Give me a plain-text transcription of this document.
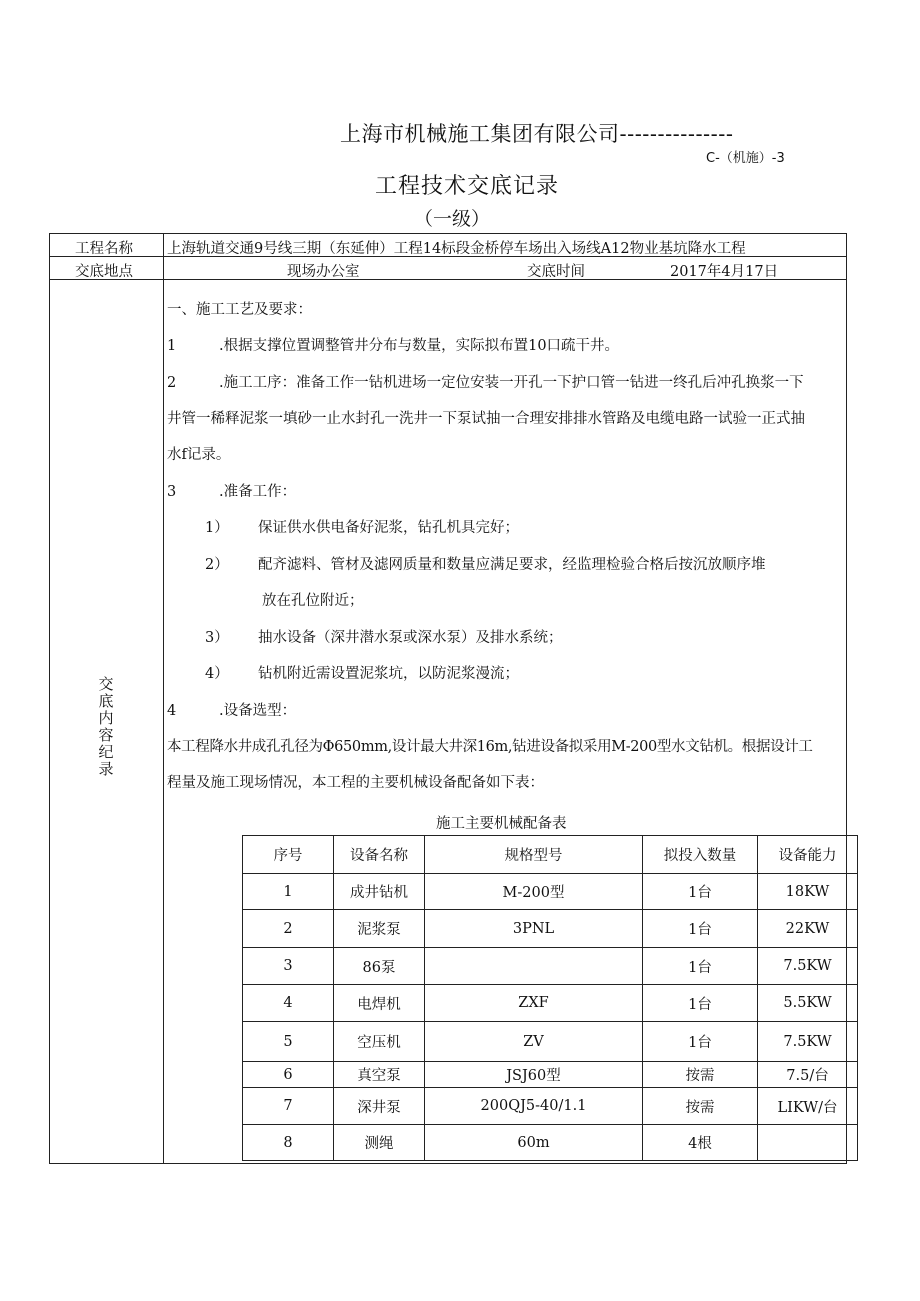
上海市机械施工集团有限公司---------------
C-（机施）-3
工程技术交底记录
（一级）
工程名称 上海轨道交通9号线三期（东延伸）工程14标段金桥停车场出入场线A12物业基坑降水工程
交底地点	现场办公室	交底时间	2017年4月17日
交底内容纪录
一、施工工艺及要求：
1	.根据支撑位置调整管井分布与数量，实际拟布置10口疏干井。
2	.施工工序：准备工作一钻机进场一定位安装一开孔一下护口管一钻进一终孔后冲孔换浆一下
井管一稀释泥浆一填砂一止水封孔一洗井一下泵试抽一合理安排排水管路及电缆电路一试验一正式抽
水f记录。
3	.准备工作：
1） 保证供水供电备好泥浆，钻孔机具完好；
2） 配齐滤料、管材及滤网质量和数量应满足要求，经监理检验合格后按沉放顺序堆
放在孔位附近；
3） 抽水设备（深井潜水泵或深水泵）及排水系统；
4） 钻机附近需设置泥浆坑，以防泥浆漫流；
4	.设备选型：
本工程降水井成孔孔径为Φ650mm,设计最大井深16m,钻进设备拟采用M-200型水文钻机。根据设计工
程量及施工现场情况，本工程的主要机械设备配备如下表：
施工主要机械配备表
序号	设备名称	规格型号	拟投入数量	设备能力
1	成井钻机	M-200型	1台	18KW
2	泥浆泵	3PNL	1台	22KW
3	86泵		1台	7.5KW
4	电焊机	ZXF	1台	5.5KW
5	空压机	ZV	1台	7.5KW
6	真空泵	JSJ60型	按需	7.5/台
7	深井泵	200QJ5-40/1.1	按需	LIKW/台
8	测绳	60m	4根	
